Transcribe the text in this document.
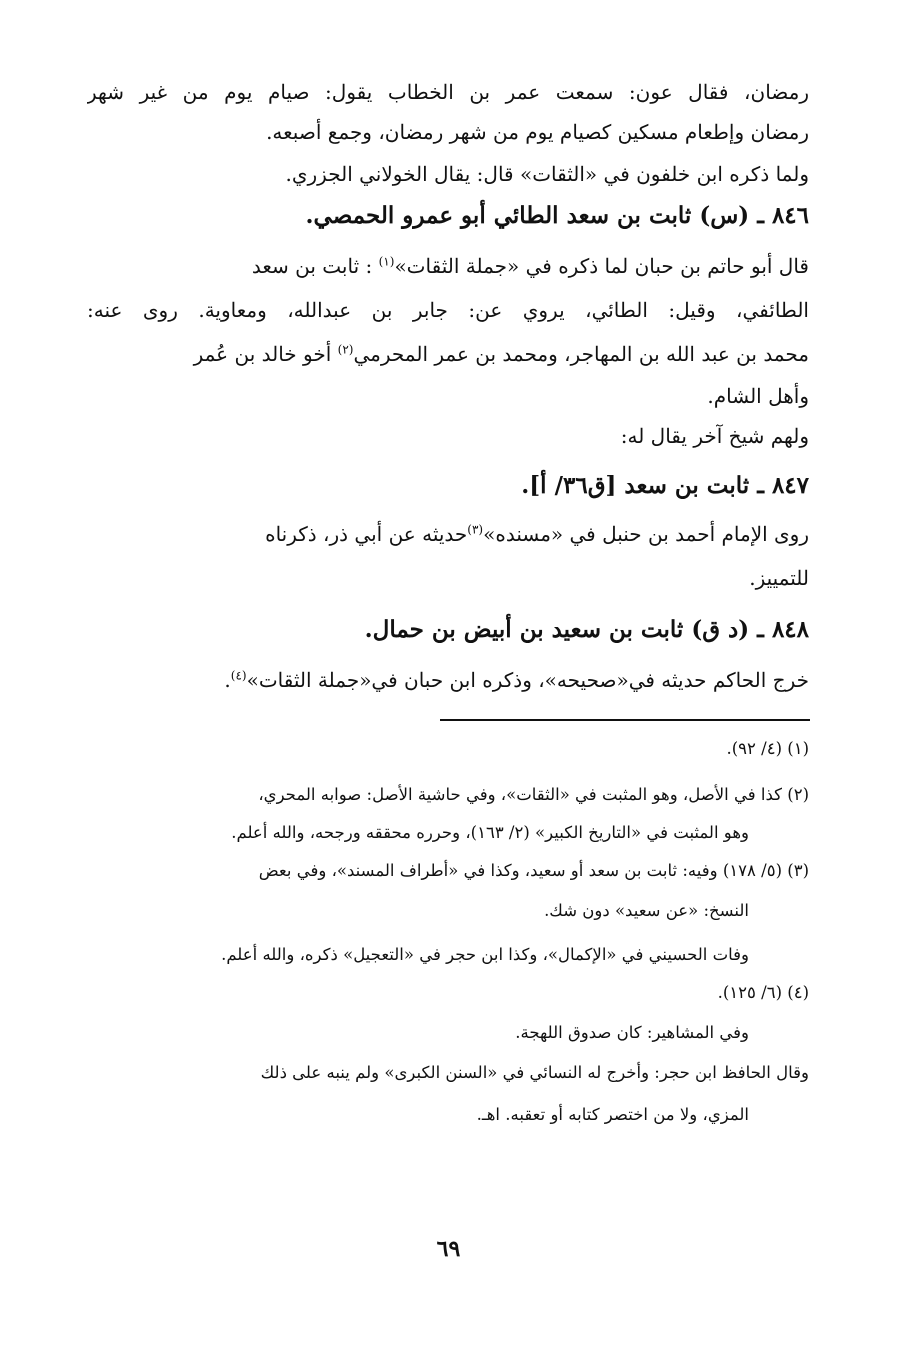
رمضان، فقال عون: سمعت عمر بن الخطاب يقول: صيام يوم من غير شهر
رمضان وإطعام مسكين كصيام يوم من شهر رمضان، وجمع أصبعه.
ولما ذكره ابن خلفون في «الثقات» قال: يقال الخولاني الجزري.
٨٤٦ ـ (س) ثابت بن سعد الطائي أبو عمرو الحمصي.
قال أبو حاتم بن حبان لما ذكره في «جملة الثقات»$^{(١)}$ : ثابت بن سعد
الطائفي، وقيل: الطائي، يروي عن: جابر بن عبدالله، ومعاوية. روى عنه:
محمد بن عبد الله بن المهاجر، ومحمد بن عمر المحرمي$^{(٢)}$ أخو خالد بن عُمر
وأهل الشام.
ولهم شيخ آخر يقال له:
٨٤٧ ـ ثابت بن سعد [ق٣٦/ أ].
روى الإمام أحمد بن حنبل في «مسنده»$^{(٣)}$حديثه عن أبي ذر، ذكرناه
للتمييز.
٨٤٨ ـ (د ق) ثابت بن سعيد بن أبيض بن حمال.
خرج الحاكم حديثه في«صحيحه»، وذكره ابن حبان في«جملة الثقات»$^{(٤)}$.
(١) (٤/ ٩٢).
(٢) كذا في الأصل، وهو المثبت في «الثقات»، وفي حاشية الأصل: صوابه المحري،
وهو المثبت في «التاريخ الكبير» (٢/ ١٦٣)، وحرره محققه ورجحه، والله أعلم.
(٣) (٥/ ١٧٨) وفيه: ثابت بن سعد أو سعيد، وكذا في «أطراف المسند»، وفي بعض
النسخ: «عن سعيد» دون شك.
وفات الحسيني في «الإكمال»، وكذا ابن حجر في «التعجيل» ذكره، والله أعلم.
(٤) (٦/ ١٢٥).
وفي المشاهير: كان صدوق اللهجة.
وقال الحافظ ابن حجر: وأخرج له النسائي في «السنن الكبرى» ولم ينبه على ذلك
المزي، ولا من اختصر كتابه أو تعقبه. اهـ.
٦٩
